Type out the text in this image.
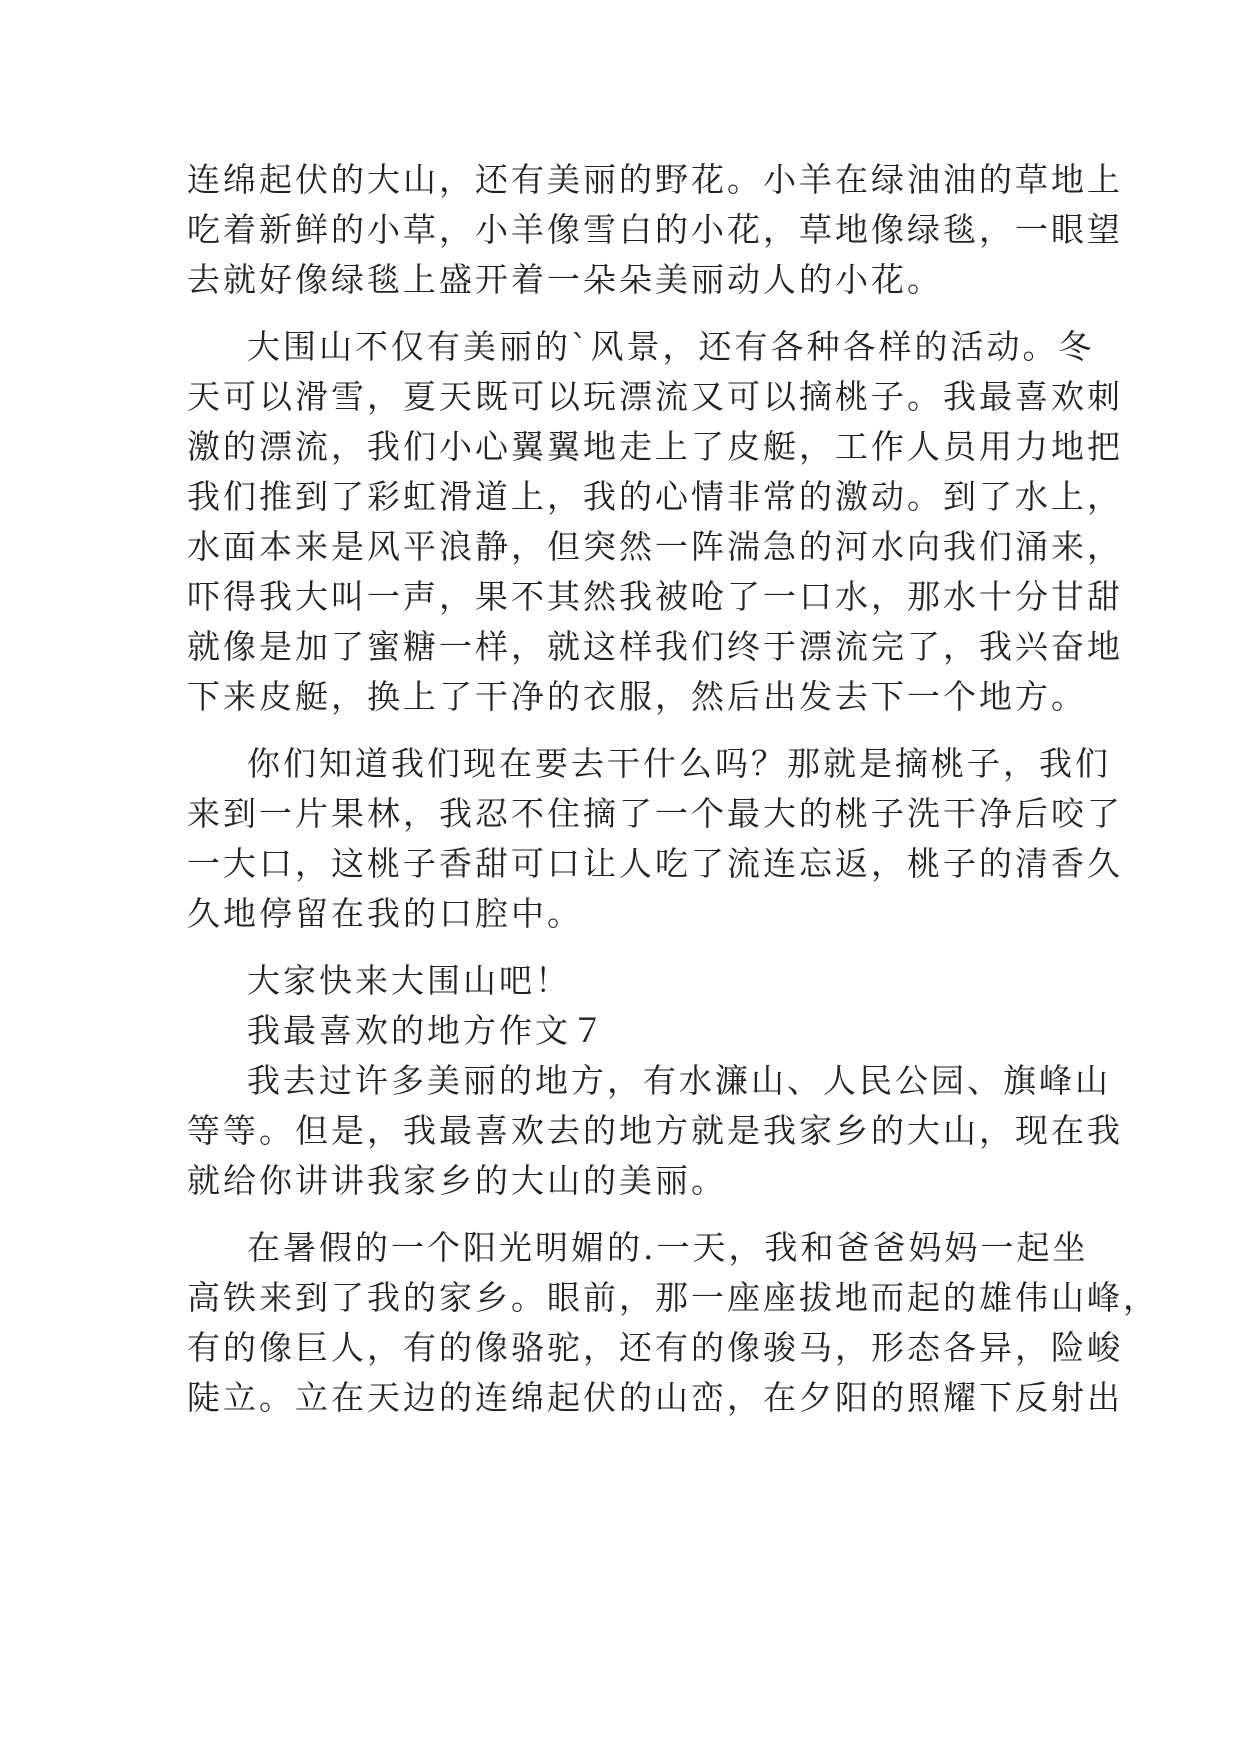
连绵起伏的大山，还有美丽的野花。小羊在绿油油的草地上
吃着新鲜的小草，小羊像雪白的小花，草地像绿毯，一眼望
去就好像绿毯上盛开着一朵朵美丽动人的小花。
大围山不仅有美丽的`风景，还有各种各样的活动。冬
天可以滑雪，夏天既可以玩漂流又可以摘桃子。我最喜欢刺
激的漂流，我们小心翼翼地走上了皮艇，工作人员用力地把
我们推到了彩虹滑道上，我的心情非常的激动。到了水上，
水面本来是风平浪静，但突然一阵湍急的河水向我们涌来，
吓得我大叫一声，果不其然我被呛了一口水，那水十分甘甜
就像是加了蜜糖一样，就这样我们终于漂流完了，我兴奋地
下来皮艇，换上了干净的衣服，然后出发去下一个地方。
你们知道我们现在要去干什么吗？那就是摘桃子，我们
来到一片果林，我忍不住摘了一个最大的桃子洗干净后咬了
一大口，这桃子香甜可口让人吃了流连忘返，桃子的清香久
久地停留在我的口腔中。
大家快来大围山吧！
我最喜欢的地方作文７
我去过许多美丽的地方，有水濂山、人民公园、旗峰山
等等。但是，我最喜欢去的地方就是我家乡的大山，现在我
就给你讲讲我家乡的大山的美丽。
在暑假的一个阳光明媚的.一天，我和爸爸妈妈一起坐
高铁来到了我的家乡。眼前，那一座座拔地而起的雄伟山峰，
有的像巨人，有的像骆驼，还有的像骏马，形态各异，险峻
陡立。立在天边的连绵起伏的山峦，在夕阳的照耀下反射出
